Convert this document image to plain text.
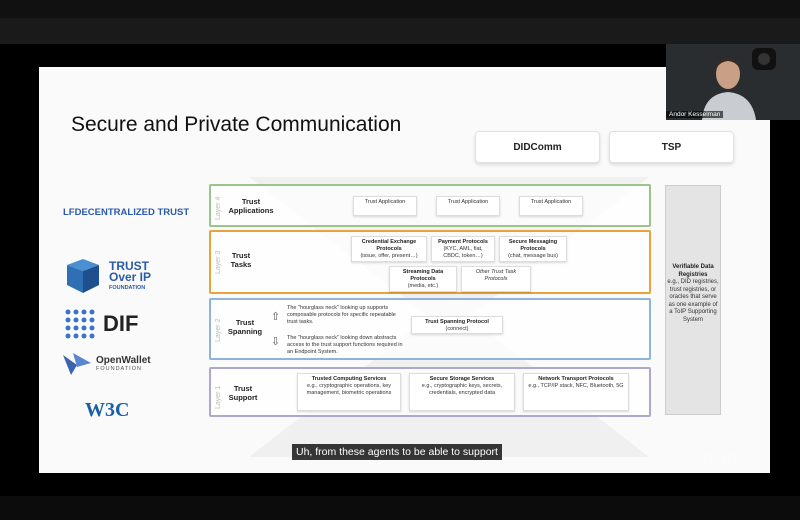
Secure and Private Communication
DIDComm	TSP
LFDECENTRALIZED TRUST
TRUST
Over IP
FOUNDATION
DIF
OpenWallet
FOUNDATION
W3C
Layer 4	Trust Applications
Trust Application	Trust Application	Trust Application
Layer 3	Trust Tasks
Credential Exchange Protocols
(issue, offer, present…)
Payment Protocols
(KYC, AML, fiat, CBDC, token…)
Secure Messaging Protocols
(chat, message bus)
Streaming Data Protocols
(media, etc.)
Other Trust Task Protocols
Layer 2	Trust Spanning
⇧
⇩
The "hourglass neck" looking up supports composable protocols for specific repeatable trust tasks.
The "hourglass neck" looking down abstracts access to the trust support functions required in an Endpoint System.
Trust Spanning Protocol
(connect)
Layer 1	Trust Support
Trusted Computing Services
e.g., cryptographic operations, key management, biometric operations
Secure Storage Services
e.g., cryptographic keys, secrets, credentials, encrypted data
Network Transport Protocols
e.g., TCP/IP stack, NFC, Bluetooth, 5G
Verifiable Data Registries
e.g., DID registries, trust registries, or oracles that serve as one example of a ToIP Supporting System
Uh, from these agents to be able to support	zoom
Andor Kesselman
